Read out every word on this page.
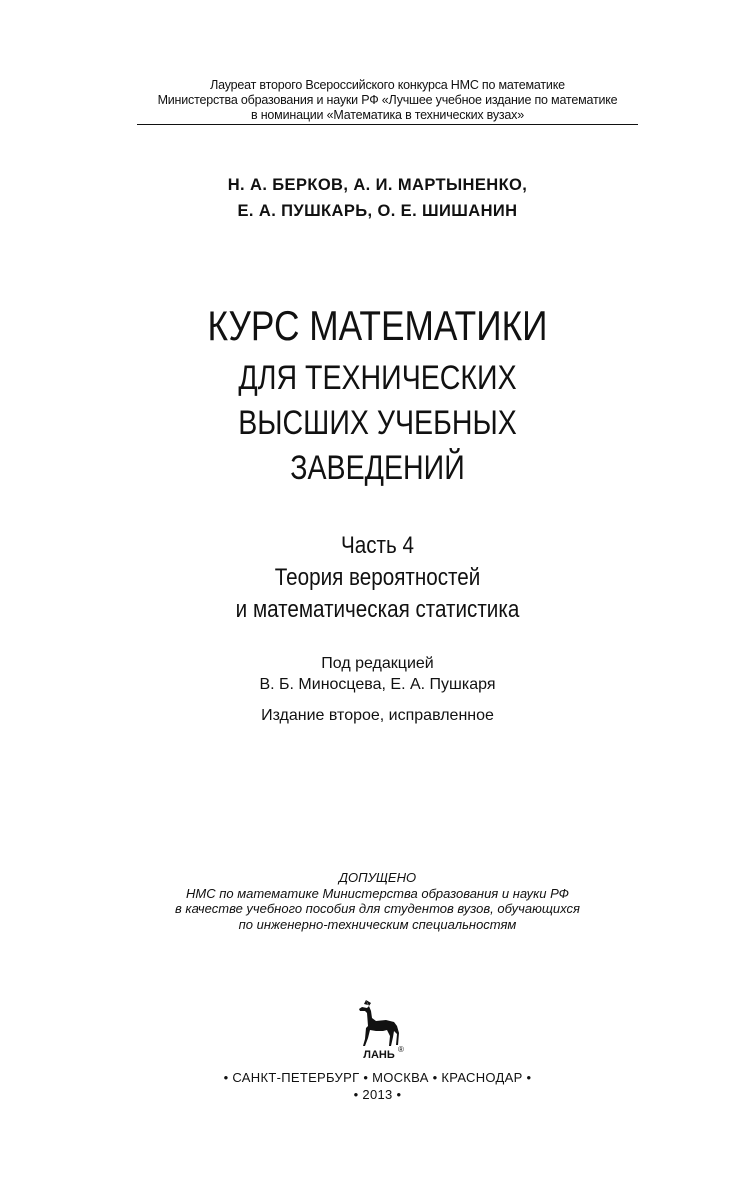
Лауреат второго Всероссийского конкурса НМС по математике
Министерства образования и науки РФ «Лучшее учебное издание по математике
в номинации «Математика в технических вузах»
Н. А. БЕРКОВ, А. И. МАРТЫНЕНКО,
Е. А. ПУШКАРЬ, О. Е. ШИШАНИН
КУРС МАТЕМАТИКИ
ДЛЯ ТЕХНИЧЕСКИХ
ВЫСШИХ УЧЕБНЫХ
ЗАВЕДЕНИЙ
Часть 4
Теория вероятностей
и математическая статистика
Под редакцией
В. Б. Миносцева, Е. А. Пушкаря
Издание второе, исправленное
ДОПУЩЕНО
НМС по математике Министерства образования и науки РФ
в качестве учебного пособия для студентов вузов, обучающихся
по инженерно-техническим специальностям
ЛАНЬ ®
• САНКТ-ПЕТЕРБУРГ • МОСКВА • КРАСНОДАР •
• 2013 •
